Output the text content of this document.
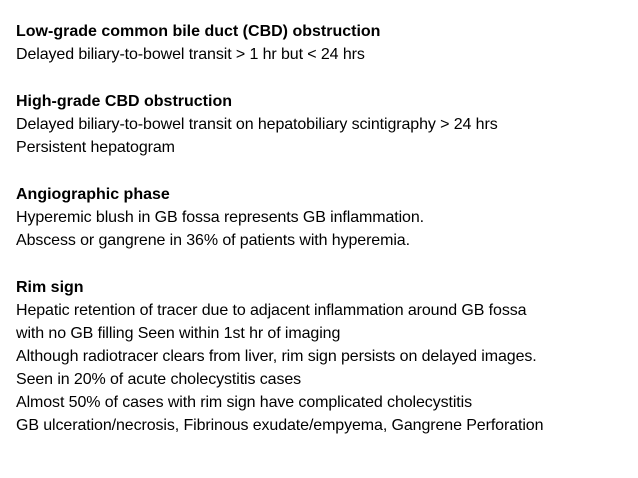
Low-grade common bile duct (CBD) obstruction
Delayed biliary-to-bowel transit > 1 hr but < 24 hrs
High-grade CBD obstruction
Delayed biliary-to-bowel transit on hepatobiliary scintigraphy > 24 hrs
Persistent hepatogram
Angiographic phase
Hyperemic blush in GB fossa represents GB inflammation.
Abscess or gangrene in 36% of patients with hyperemia.
Rim sign
Hepatic retention of tracer due to adjacent inflammation around GB fossa
with no GB filling Seen within 1st hr of imaging
Although radiotracer clears from liver, rim sign persists on delayed images.
Seen in 20% of acute cholecystitis cases
Almost 50% of cases with rim sign have complicated cholecystitis
GB ulceration/necrosis, Fibrinous exudate/empyema, Gangrene Perforation
